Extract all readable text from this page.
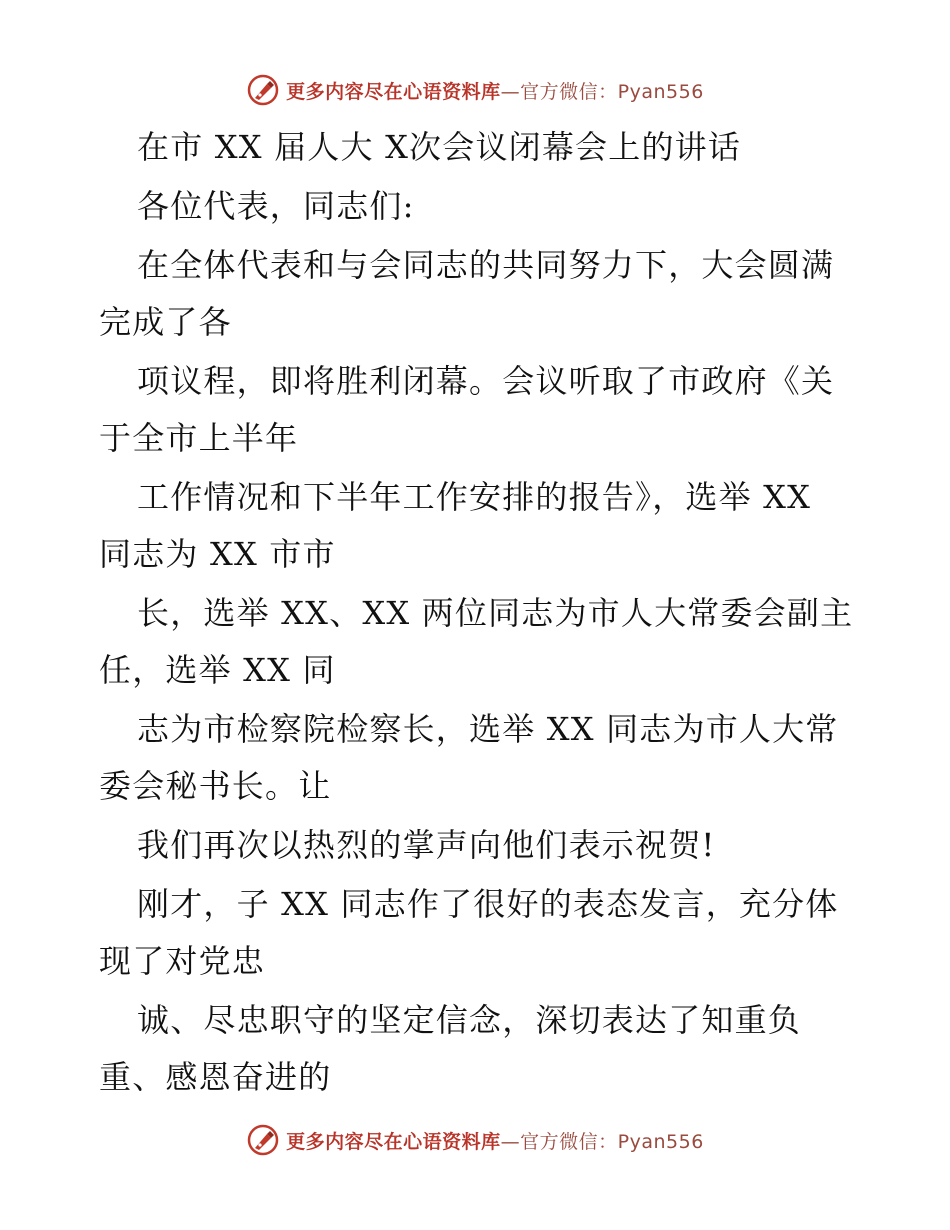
更多内容尽在心语资料库—官方微信：Pyan556
在市 XX 届人大 X次会议闭幕会上的讲话
各位代表，同志们:
在全体代表和与会同志的共同努力下，大会圆满
完成了各
项议程，即将胜利闭幕。会议听取了市政府《关
于全市上半年
工作情况和下半年工作安排的报告》，选举 XX
同志为 XX 市市
长，选举 XX、XX 两位同志为市人大常委会副主
任，选举 XX 同
志为市检察院检察长，选举 XX 同志为市人大常
委会秘书长。让
我们再次以热烈的掌声向他们表示祝贺!
刚才，子 XX 同志作了很好的表态发言，充分体
现了对党忠
诚、尽忠职守的坚定信念，深切表达了知重负
重、感恩奋进的
更多内容尽在心语资料库—官方微信：Pyan556
